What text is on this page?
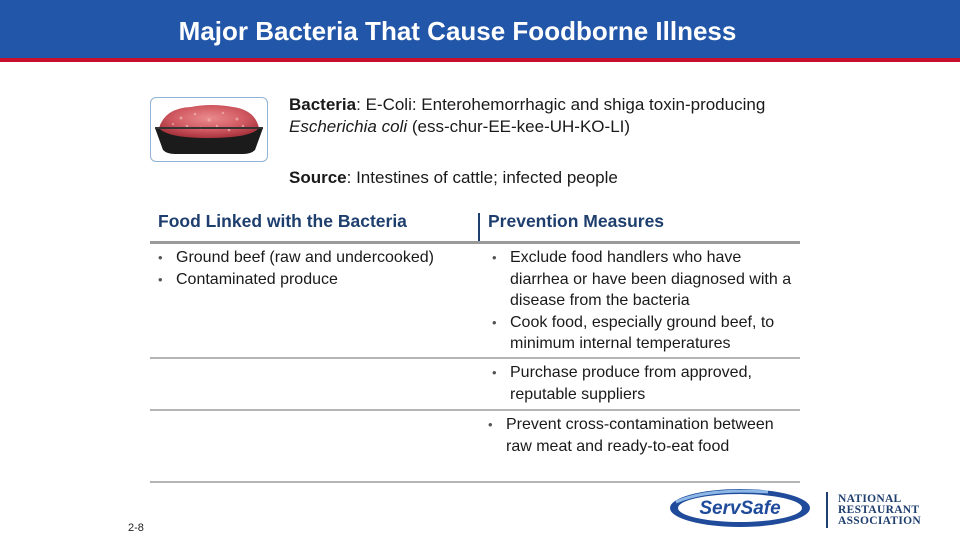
Major Bacteria That Cause Foodborne Illness
Bacteria: E-Coli: Enterohemorrhagic and shiga toxin-producing Escherichia coli (ess-chur-EE-kee-UH-KO-LI)
Source: Intestines of cattle; infected people
Food Linked with the Bacteria	Prevention Measures
• Ground beef (raw and undercooked)
• Contaminated produce
• Exclude food handlers who have diarrhea or have been diagnosed with a disease from the bacteria
• Cook food, especially ground beef, to minimum internal temperatures
• Purchase produce from approved, reputable suppliers
• Prevent cross-contamination between raw meat and ready-to-eat food
2-8
ServSafe	NATIONAL
RESTAURANT
ASSOCIATION
